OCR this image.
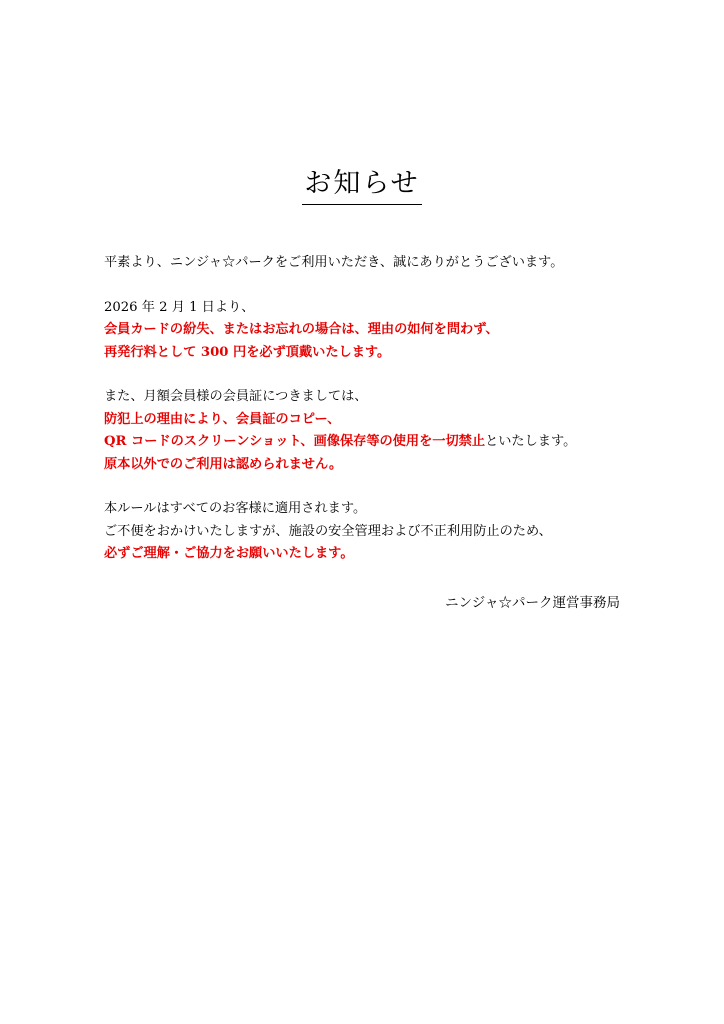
お知らせ
平素より、ニンジャ☆パークをご利用いただき、誠にありがとうございます。
2026 年 2 月 1 日より、
会員カードの紛失、またはお忘れの場合は、理由の如何を問わず、
再発行料として 300 円を必ず頂戴いたします。
また、月額会員様の会員証につきましては、
防犯上の理由により、会員証のコピー、
QR コードのスクリーンショット、画像保存等の使用を一切禁止といたします。
原本以外でのご利用は認められません。
本ルールはすべてのお客様に適用されます。
ご不便をおかけいたしますが、施設の安全管理および不正利用防止のため、
必ずご理解・ご協力をお願いいたします。
ニンジャ☆パーク運営事務局
